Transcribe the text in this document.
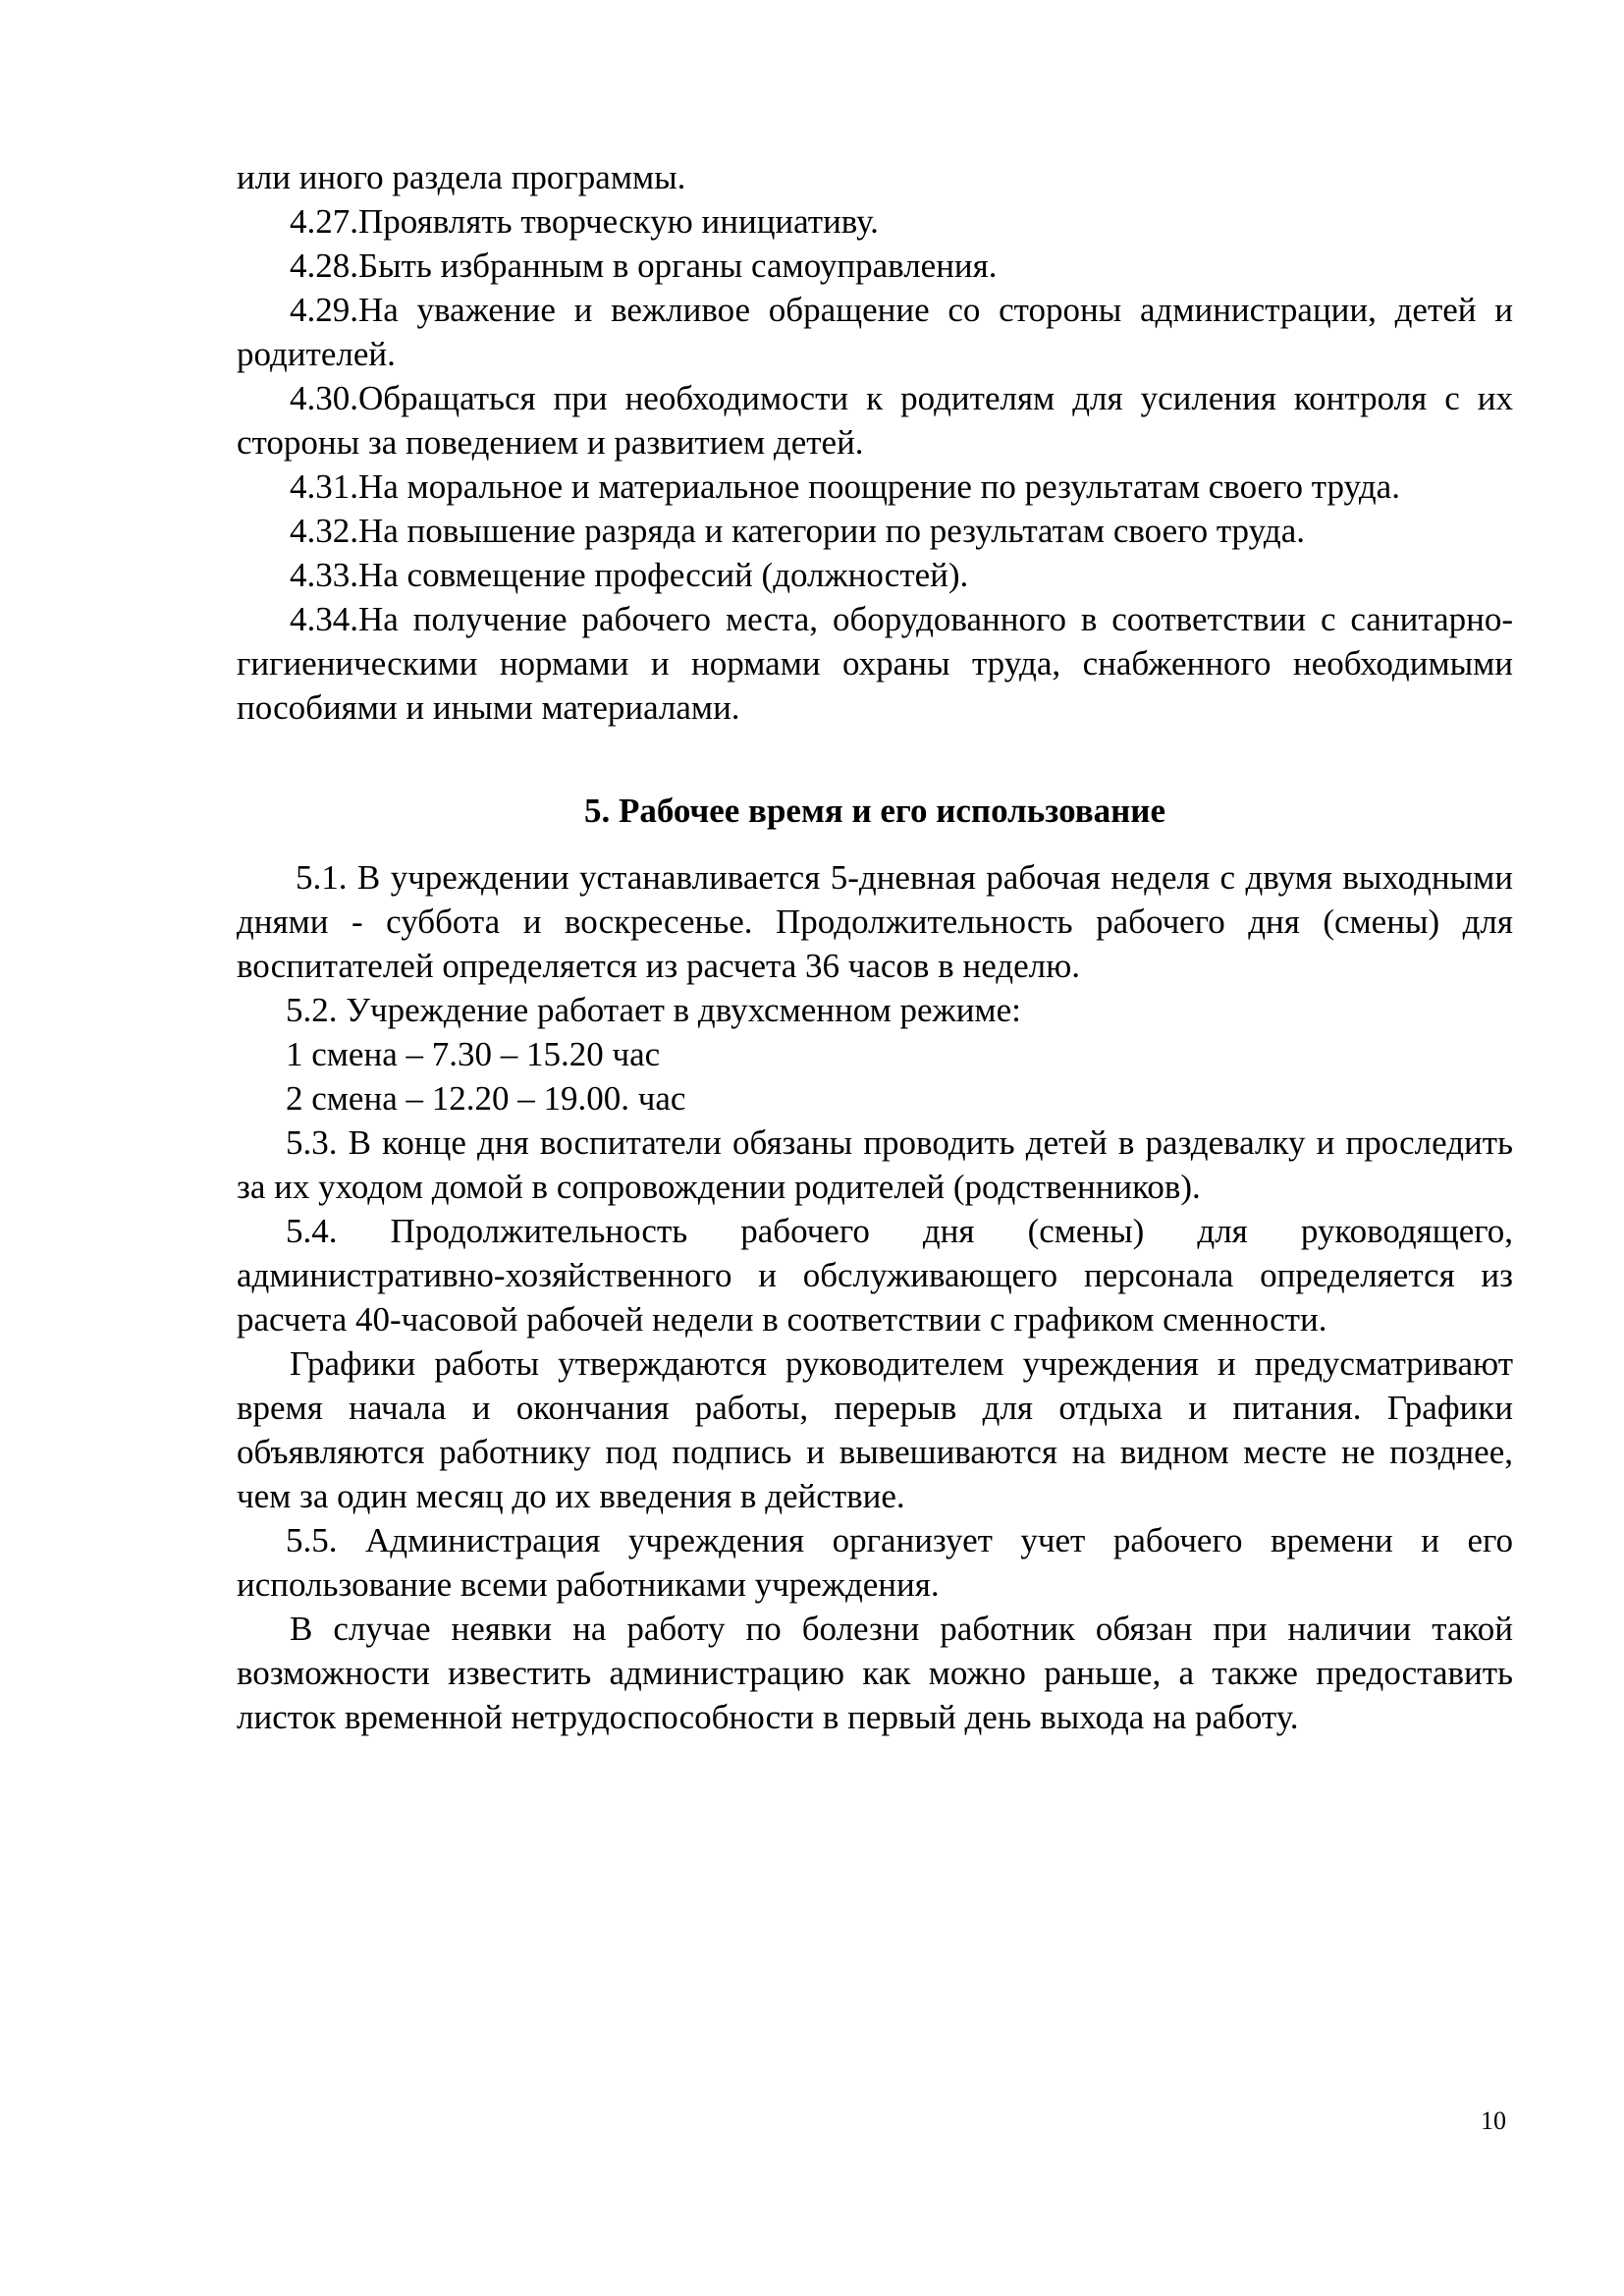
или иного раздела программы.

4.27.Проявлять творческую инициативу.

4.28.Быть избранным в органы самоуправления.

4.29.На уважение и вежливое обращение со стороны администрации, детей и родителей.

4.30.Обращаться при необходимости к родителям для усиления контроля с их стороны за поведением и развитием детей.

4.31.На моральное и материальное поощрение по результатам своего труда.

4.32.На повышение разряда и категории по результатам своего труда.

4.33.На совмещение профессий (должностей).

4.34.На получение рабочего места, оборудованного в соответствии с санитарно-гигиеническими нормами и нормами охраны труда, снабженного необходимыми пособиями и иными материалами.

5. Рабочее время и его использование

5.1. В учреждении устанавливается 5-дневная рабочая неделя с двумя выходными днями - суббота и воскресенье. Продолжительность рабочего дня (смены) для воспитателей определяется из расчета 36 часов в неделю.

5.2. Учреждение работает в двухсменном режиме:

1 смена – 7.30 – 15.20 час

2 смена – 12.20 – 19.00. час

5.3. В конце дня воспитатели обязаны проводить детей в раздевалку и проследить за их уходом домой в сопровождении родителей (родственников).

5.4. Продолжительность рабочего дня (смены) для руководящего, административно-хозяйственного и обслуживающего персонала определяется из расчета 40-часовой рабочей недели в соответствии с графиком сменности.

Графики работы утверждаются руководителем учреждения и предусматривают время начала и окончания работы, перерыв для отдыха и питания. Графики объявляются работнику под подпись и вывешиваются на видном месте не позднее, чем за один месяц до их введения в действие.

5.5. Администрация учреждения организует учет рабочего времени и его использование всеми работниками учреждения.

В случае неявки на работу по болезни работник обязан при наличии такой возможности известить администрацию как можно раньше, а также предоставить листок временной нетрудоспособности в первый день выхода на работу.

10
